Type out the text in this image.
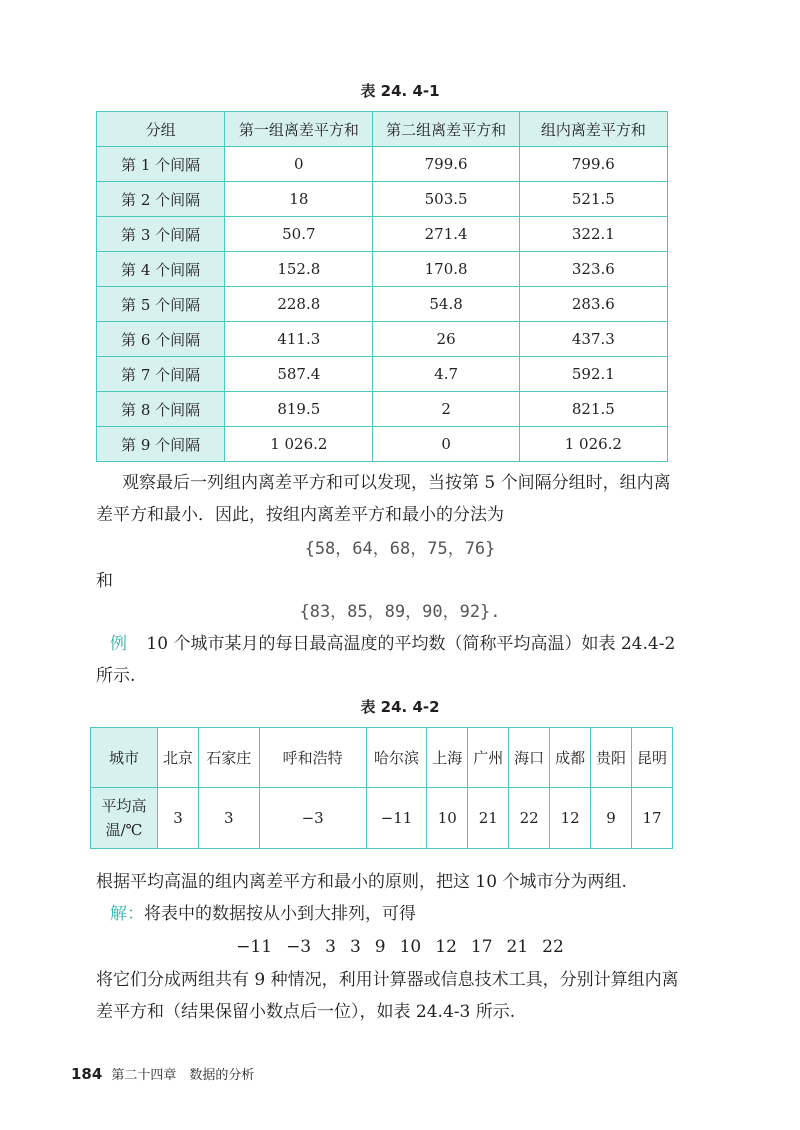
表 24. 4-1
分组	第一组离差平方和	第二组离差平方和	组内离差平方和
第 1 个间隔	0	799.6	799.6
第 2 个间隔	18	503.5	521.5
第 3 个间隔	50.7	271.4	322.1
第 4 个间隔	152.8	170.8	323.6
第 5 个间隔	228.8	54.8	283.6
第 6 个间隔	411.3	26	437.3
第 7 个间隔	587.4	4.7	592.1
第 8 个间隔	819.5	2	821.5
第 9 个间隔	1 026.2	0	1 026.2
观察最后一列组内离差平方和可以发现，当按第 5 个间隔分组时，组内离
差平方和最小．因此，按组内离差平方和最小的分法为
{58，64，68，75，76}
和
{83，85，89，90，92}.
例 10 个城市某月的每日最高温度的平均数（简称平均高温）如表 24.4-2
所示.
表 24. 4-2
城市	北京	石家庄	呼和浩特	哈尔滨	上海	广州	海口	成都	贵阳	昆明
平均高温/℃	3	3	−3	−11	10	21	22	12	9	17
根据平均高温的组内离差平方和最小的原则，把这 10 个城市分为两组.
解：将表中的数据按从小到大排列，可得
−11 −3 3 3 9 10 12 17 21 22
将它们分成两组共有 9 种情况，利用计算器或信息技术工具，分别计算组内离
差平方和（结果保留小数点后一位），如表 24.4-3 所示.
184 第二十四章　数据的分析
